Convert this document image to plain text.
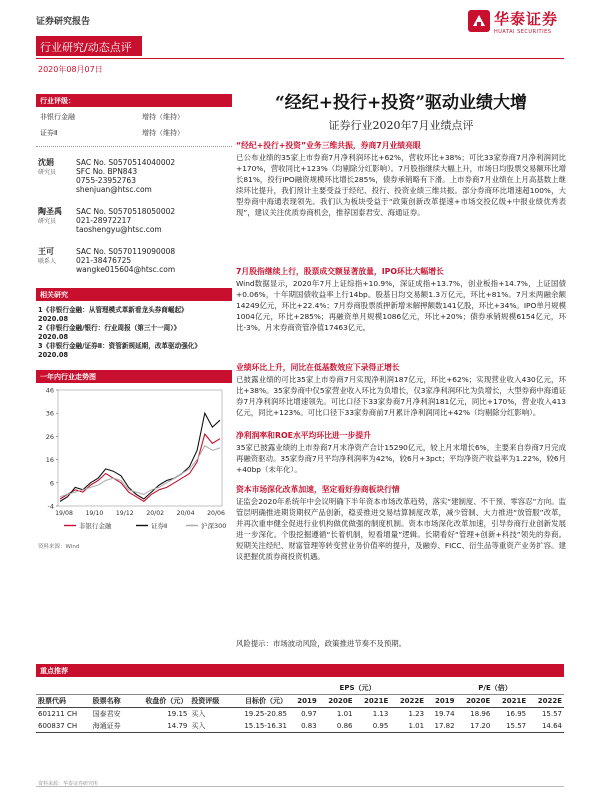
证券研究报告	华泰证券
HUATAI SECURITIES
行业研究/动态点评
2020年08月07日
行业评级：
非银行金融	增持（维持）
证券Ⅱ	增持（维持）
沈娟
研究员
SAC No. S0570514040002
SFC No. BPN843
0755-23952763
shenjuan@htsc.com
陶圣禹
研究员
SAC No. S0570518050002
021-28972217
taoshengyu@htsc.com
王可
联系人
SAC No. S0570119090008
021-38476725
wangke015604@htsc.com
相关研究
1《非银行金融：从管理模式革新看龙头券商崛起》
2020.08
2《非银行金融/银行：行业周报（第三十一周）》
2020.08
3《非银行金融/证券Ⅱ：资管新规延期，改革驱动强化》
2020.08
一年内行业走势图
-4
6
16
26
36
46
19/08 19/10 19/12 20/02 20/04 20/06
非银行金融	证券Ⅱ	沪深300
资料来源：Wind
“经纪+投行+投资”驱动业绩大增
证券行业2020年7月业绩点评
“经纪+投行+投资”业务三维共振，券商7月业绩亮眼
已公布业绩的35家上市券商7月净利润环比+62%，营收环比+38%；可比33家券商7月净利润同比+170%，营收同比+123%（均剔除分红影响）。7月股指继续大幅上升，市场日均股票交易额环比增长81%，投行IPO融资规模环比增长285%，债券承销略有下滑。上市券商7月业绩在上月高基数上继续环比提升，我们预计主要受益于经纪、投行、投资业绩三维共振。部分券商环比增速超100%，大型券商中海通表现领先。我们认为板块受益于“政策创新改革提速+市场交投亿级+中报业绩优秀表现”，建议关注优质券商机会，推荐国泰君安、海通证券。
7月股指继续上行，股票成交额显著放量，IPO环比大幅增长
Wind数据显示，2020年7月上证综指+10.9%，深证成指+13.7%，创业板指+14.7%，上证国债+0.06%，十年期国债收益率上行14bp。股基日均交易额1.3万亿元，环比+81%。7月末两融余额14249亿元，环比+22.4%；7月券商股票质押新增未解押额数141亿股，环比+34%。IPO单月规模1004亿元，环比+285%；再融资单月规模1086亿元，环比+20%；债券承销规模6154亿元，环比-3%。月末券商资管净值17463亿元。
业绩环比上升，同比在低基数效应下录得正增长
已披露业绩的可比35家上市券商7月实现净利润187亿元，环比+62%；实现营业收入430亿元，环比+38%。35家券商中仅5家营业收入环比为负增长，仅3家净利润环比为负增长，大型券商中海通证券7月净利润环比增速领先。可比口径下33家券商7月净利润181亿元，同比+170%，营业收入413亿元，同比+123%。可比口径下33家券商前7月累计净利润同比+42%（均剔除分红影响）。
净利润率和ROE水平均环比进一步提升
35家已披露业绩的上市券商7月末净资产合计15290亿元，较上月末增长6%，主要来自券商7月完成再融资驱动。35家券商7月平均净利润率为42%，较6月+3pct；平均净资产收益率为1.22%，较6月+40bp（未年化）。
资本市场深化改革加速，坚定看好券商板块行情
证监会2020年系统年中会议明确下半年资本市场改革趋势，落实“建制度、不干预、零容忍”方向。监管层明确推进期货期权产品创新，稳妥推进交易结算制度改革，减少管制、大力推进“放管服”改革，并再次重申健全促进行业机构做优做强的制度机制。资本市场深化改革加速，引导券商行业创新发展进一步深化。个股挖掘遵循“长着机制，短看增量”逻辑。长期看好“管理+创新+科技”领先的券商。短期关注经纪、财富管理等转变营业务价值率的提升，及融券、FICC、衍生品等重资产业务扩容。建议把握优质券商投资机遇。
风险提示：市场波动风险，政策推进节奏不及预期。
重点推荐
					EPS（元）				P/E（倍）			
股票代码	股票名称	收盘价（元）	投资评级	目标价（元）	2019	2020E	2021E	2022E	2019	2020E	2021E	2022E
601211 CH	国泰君安	19.15	买入	19.25-20.85	0.97	1.01	1.13	1.23	19.74	18.96	16.95	15.57
600837 CH	海通证券	14.79	买入	15.15-16.31	0.83	0.86	0.95	1.01	17.82	17.20	15.57	14.64
资料来源：华泰证券研究所
